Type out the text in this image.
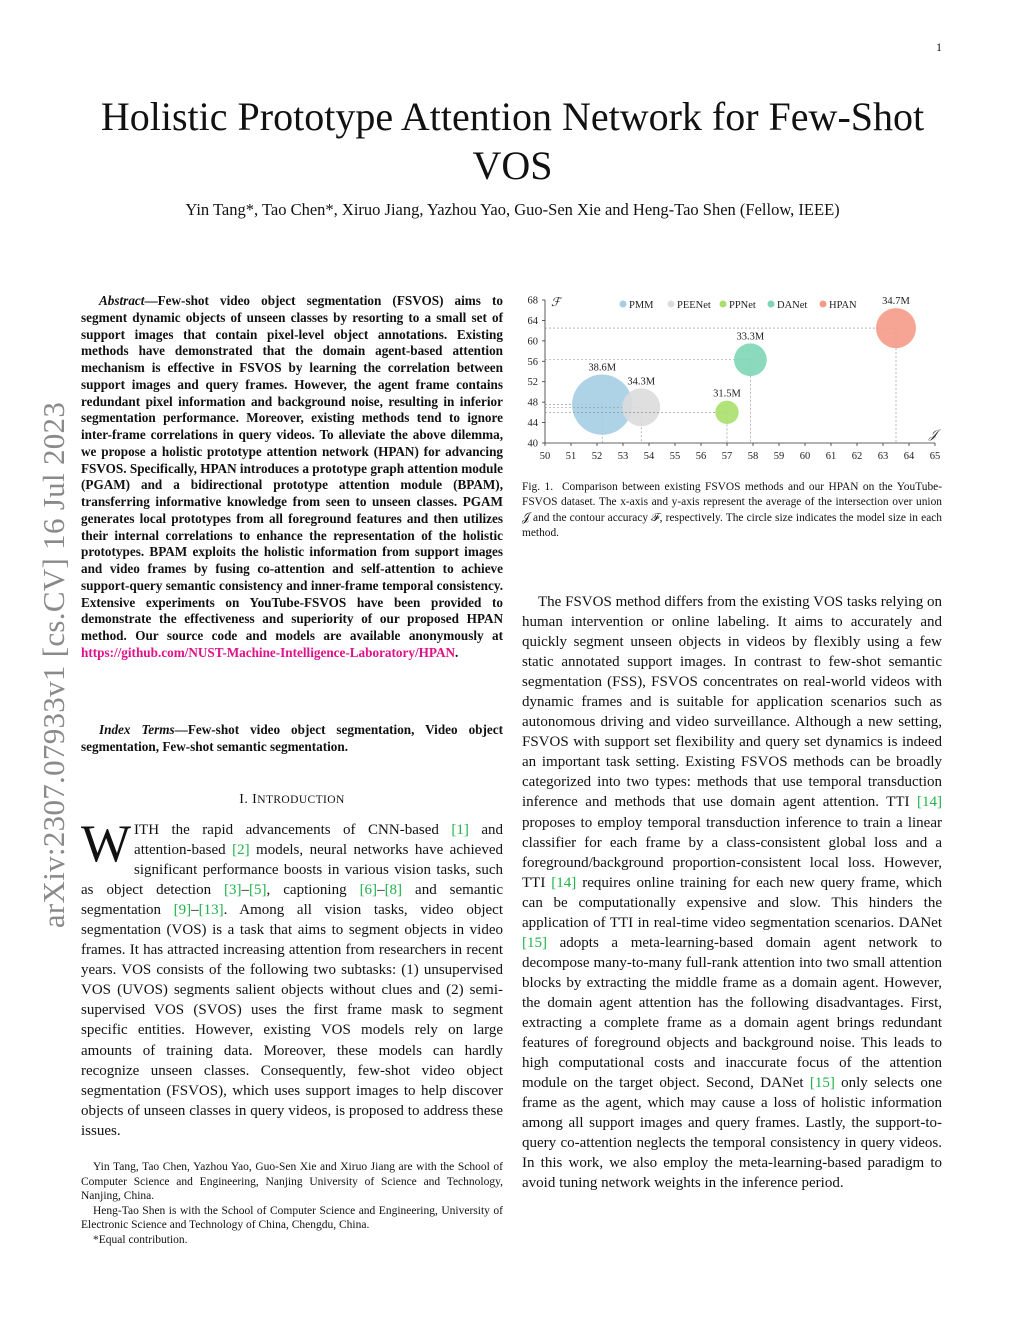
1
arXiv:2307.07933v1 [cs.CV] 16 Jul 2023
Holistic Prototype Attention Network for Few-Shot VOS
Yin Tang*, Tao Chen*, Xiruo Jiang, Yazhou Yao, Guo-Sen Xie and Heng-Tao Shen (Fellow, IEEE)

Abstract—Few-shot video object segmentation (FSVOS) aims to segment dynamic objects of unseen classes by resorting to a small set of support images that contain pixel-level object annotations. Existing methods have demonstrated that the domain agent-based attention mechanism is effective in FSVOS by learning the correlation between support images and query frames. However, the agent frame contains redundant pixel information and background noise, resulting in inferior segmentation performance. Moreover, existing methods tend to ignore inter-frame correlations in query videos. To alleviate the above dilemma, we propose a holistic prototype attention network (HPAN) for advancing FSVOS. Specifically, HPAN introduces a prototype graph attention module (PGAM) and a bidirectional prototype attention module (BPAM), transferring informative knowledge from seen to unseen classes. PGAM generates local prototypes from all foreground features and then utilizes their internal correlations to enhance the representation of the holistic prototypes. BPAM exploits the holistic information from support images and video frames by fusing co-attention and self-attention to achieve support-query semantic consistency and inner-frame temporal consistency. Extensive experiments on YouTube-FSVOS have been provided to demonstrate the effectiveness and superiority of our proposed HPAN method. Our source code and models are available anonymously at https://github.com/NUST-Machine-Intelligence-Laboratory/HPAN.

Index Terms—Few-shot video object segmentation, Video object segmentation, Few-shot semantic segmentation.

I. INTRODUCTION

WITH the rapid advancements of CNN-based [1] and attention-based [2] models, neural networks have achieved significant performance boosts in various vision tasks, such as object detection [3]–[5], captioning [6]–[8] and semantic segmentation [9]–[13]. Among all vision tasks, video object segmentation (VOS) is a task that aims to segment objects in video frames. It has attracted increasing attention from researchers in recent years. VOS consists of the following two subtasks: (1) unsupervised VOS (UVOS) segments salient objects without clues and (2) semi-supervised VOS (SVOS) uses the first frame mask to segment specific entities. However, existing VOS models rely on large amounts of training data. Moreover, these models can hardly recognize unseen classes. Consequently, few-shot video object segmentation (FSVOS), which uses support images to help discover objects of unseen classes in query videos, is proposed to address these issues.

Yin Tang, Tao Chen, Yazhou Yao, Guo-Sen Xie and Xiruo Jiang are with the School of Computer Science and Engineering, Nanjing University of Science and Technology, Nanjing, China.

Heng-Tao Shen is with the School of Computer Science and Engineering, University of Electronic Science and Technology of China, Chengdu, China.

*Equal contribution.

50 51 52 53 54 55 56 57 58 59 60 61 62 63 64 65
40
44
48
52
56
60
64
68 ℱ
𝒥
PMM PEENet PPNet DANet HPAN
38.6M
34.3M
31.5M
33.3M
34.7M

Fig. 1. Comparison between existing FSVOS methods and our HPAN on the YouTube-FSVOS dataset. The x-axis and y-axis represent the average of the intersection over union 𝒥 and the contour accuracy ℱ, respectively. The circle size indicates the model size in each method.

The FSVOS method differs from the existing VOS tasks relying on human intervention or online labeling. It aims to accurately and quickly segment unseen objects in videos by flexibly using a few static annotated support images. In contrast to few-shot semantic segmentation (FSS), FSVOS concentrates on real-world videos with dynamic frames and is suitable for application scenarios such as autonomous driving and video surveillance. Although a new setting, FSVOS with support set flexibility and query set dynamics is indeed an important task setting. Existing FSVOS methods can be broadly categorized into two types: methods that use temporal transduction inference and methods that use domain agent attention. TTI [14] proposes to employ temporal transduction inference to train a linear classifier for each frame by a class-consistent global loss and a foreground/background proportion-consistent local loss. However, TTI [14] requires online training for each new query frame, which can be computationally expensive and slow. This hinders the application of TTI in real-time video segmentation scenarios. DANet [15] adopts a meta-learning-based domain agent network to decompose many-to-many full-rank attention into two small attention blocks by extracting the middle frame as a domain agent. However, the domain agent attention has the following disadvantages. First, extracting a complete frame as a domain agent brings redundant features of foreground objects and background noise. This leads to high computational costs and inaccurate focus of the attention module on the target object. Second, DANet [15] only selects one frame as the agent, which may cause a loss of holistic information among all support images and query frames. Lastly, the support-to-query co-attention neglects the temporal consistency in query videos. In this work, we also employ the meta-learning-based paradigm to avoid tuning network weights in the inference period.
